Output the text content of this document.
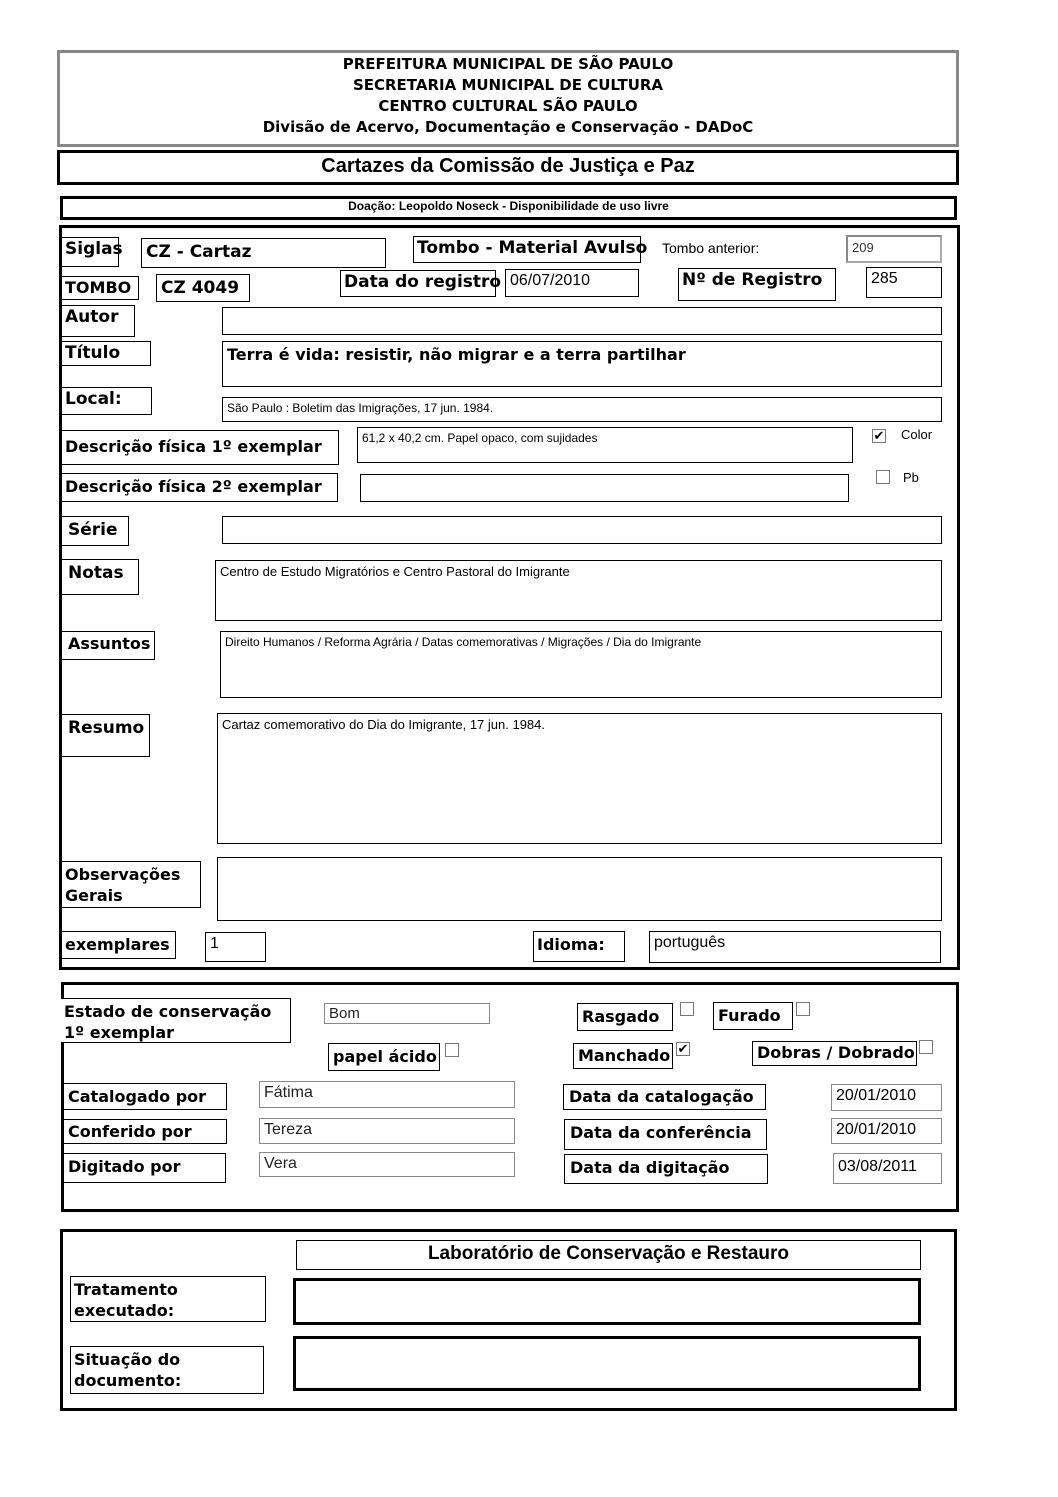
PREFEITURA MUNICIPAL DE SÃO PAULO
SECRETARIA MUNICIPAL DE CULTURA
CENTRO CULTURAL SÃO PAULO
Divisão de Acervo, Documentação e Conservação - DADoC
Cartazes da Comissão de Justiça e Paz
Doação: Leopoldo Noseck - Disponibilidade de uso livre
Siglas CZ - Cartaz	Tombo - Material Avulso Tombo anterior:	209
TOMBO	CZ 4049	Data do registro 06/07/2010	Nº de Registro	285
Autor
Título	Terra é vida: resistir, não migrar e a terra partilhar
Local:	São Paulo : Boletim das Imigrações, 17 jun. 1984.
Descrição física 1º exemplar	61,2 x 40,2 cm. Papel opaco, com sujidades	✔	Color
Descrição física 2º exemplar	Pb
Série
Notas	Centro de Estudo Migratórios e Centro Pastoral do Imigrante
Assuntos	Direito Humanos / Reforma Agrária / Datas comemorativas / Migrações / Dia do Imigrante
Resumo	Cartaz comemorativo do Dia do Imigrante, 17 jun. 1984.
Observações
Gerais
exemplares	1	Idioma:	português
Estado de conservação
1º exemplar
Bom	Rasgado	Furado
papel ácido	Manchado ✔	Dobras / Dobrado
Catalogado por	Fátima	Data da catalogação	20/01/2010
Conferido por	Tereza	Data da conferência	20/01/2010
Digitado por	Vera	Data da digitação	03/08/2011
Laboratório de Conservação e Restauro
Tratamento
executado:
Situação do
documento:
